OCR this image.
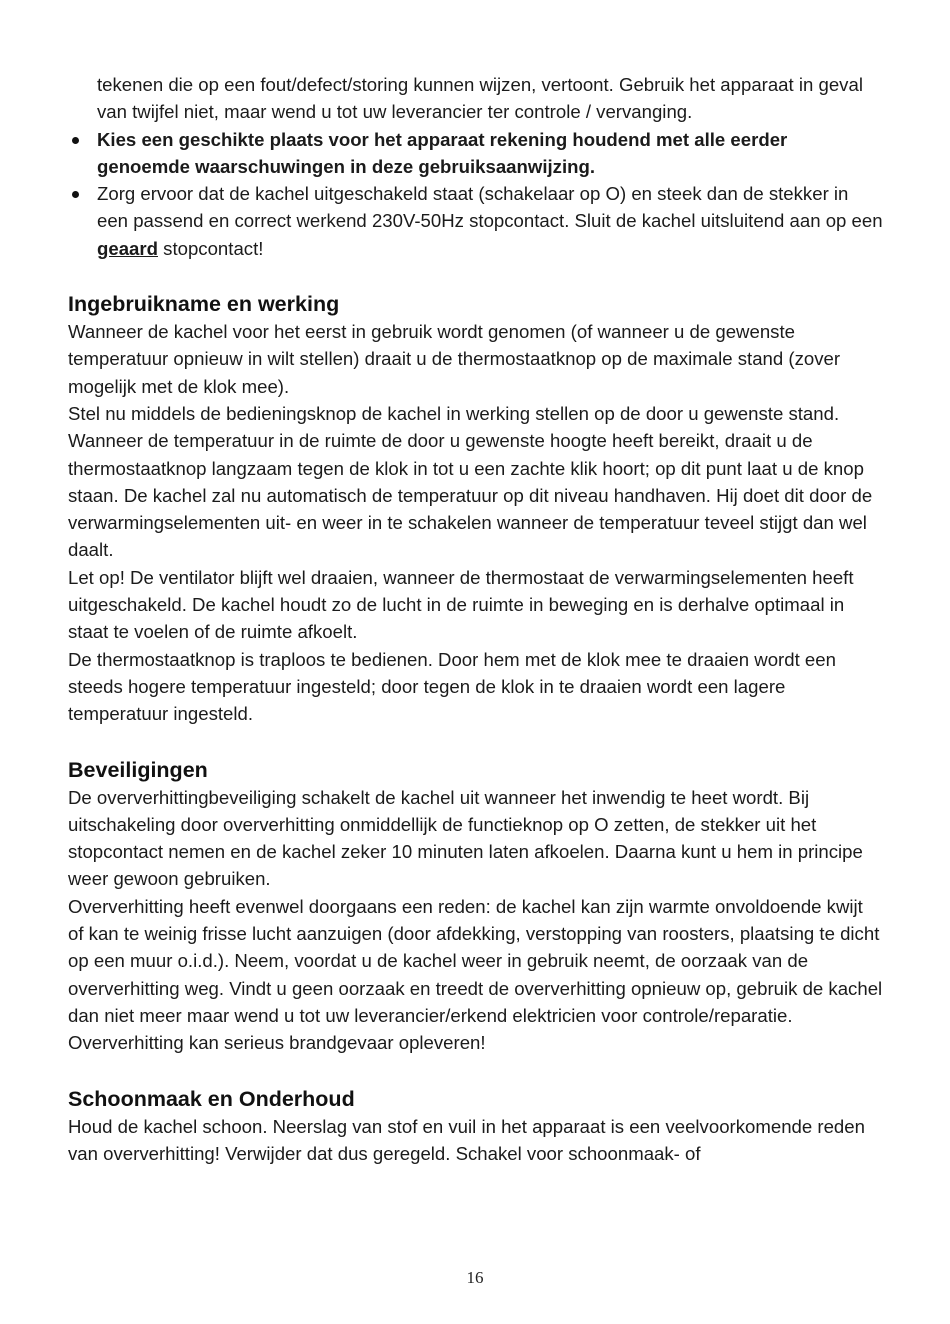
tekenen die op een fout/defect/storing kunnen wijzen, vertoont. Gebruik het apparaat in geval van twijfel niet, maar wend u tot uw leverancier ter controle / vervanging.

Kies een geschikte plaats voor het apparaat rekening houdend met alle eerder genoemde waarschuwingen in deze gebruiksaanwijzing.
Zorg ervoor dat de kachel uitgeschakeld staat (schakelaar op O) en steek dan de stekker in een passend en correct werkend 230V-50Hz stopcontact. Sluit de kachel uitsluitend aan op een geaard stopcontact!
Ingebruikname en werking

Wanneer de kachel voor het eerst in gebruik wordt genomen (of wanneer u de gewenste temperatuur opnieuw in wilt stellen) draait u de thermostaatknop op de maximale stand (zover mogelijk met de klok mee).

Stel nu middels de bedieningsknop de kachel in werking stellen op de door u gewenste stand. Wanneer de temperatuur in de ruimte de door u gewenste hoogte heeft bereikt, draait u de thermostaatknop langzaam tegen de klok in tot u een zachte klik hoort; op dit punt laat u de knop staan. De kachel zal nu automatisch de temperatuur op dit niveau handhaven. Hij doet dit door de verwarmingselementen uit- en weer in te schakelen wanneer de temperatuur teveel stijgt dan wel daalt.

Let op! De ventilator blijft wel draaien, wanneer de thermostaat de verwarmingselementen heeft uitgeschakeld. De kachel houdt zo de lucht in de ruimte in beweging en is derhalve optimaal in staat te voelen of de ruimte afkoelt.

De thermostaatknop is traploos te bedienen. Door hem met de klok mee te draaien wordt een steeds hogere temperatuur ingesteld; door tegen de klok in te draaien wordt een lagere temperatuur ingesteld.

Beveiligingen

De oververhittingbeveiliging schakelt de kachel uit wanneer het inwendig te heet wordt. Bij uitschakeling door oververhitting onmiddellijk de functieknop op O zetten, de stekker uit het stopcontact nemen en de kachel zeker 10 minuten laten afkoelen. Daarna kunt u hem in principe weer gewoon gebruiken.

Oververhitting heeft evenwel doorgaans een reden: de kachel kan zijn warmte onvoldoende kwijt of kan te weinig frisse lucht aanzuigen (door afdekking, verstopping van roosters, plaatsing te dicht op een muur o.i.d.). Neem, voordat u de kachel weer in gebruik neemt, de oorzaak van de oververhitting weg. Vindt u geen oorzaak en treedt de oververhitting opnieuw op, gebruik de kachel dan niet meer maar wend u tot uw leverancier/erkend elektricien voor controle/reparatie. Oververhitting kan serieus brandgevaar opleveren!

Schoonmaak en Onderhoud

Houd de kachel schoon. Neerslag van stof en vuil in het apparaat is een veelvoorkomende reden van oververhitting! Verwijder dat dus geregeld. Schakel voor schoonmaak- of

16
